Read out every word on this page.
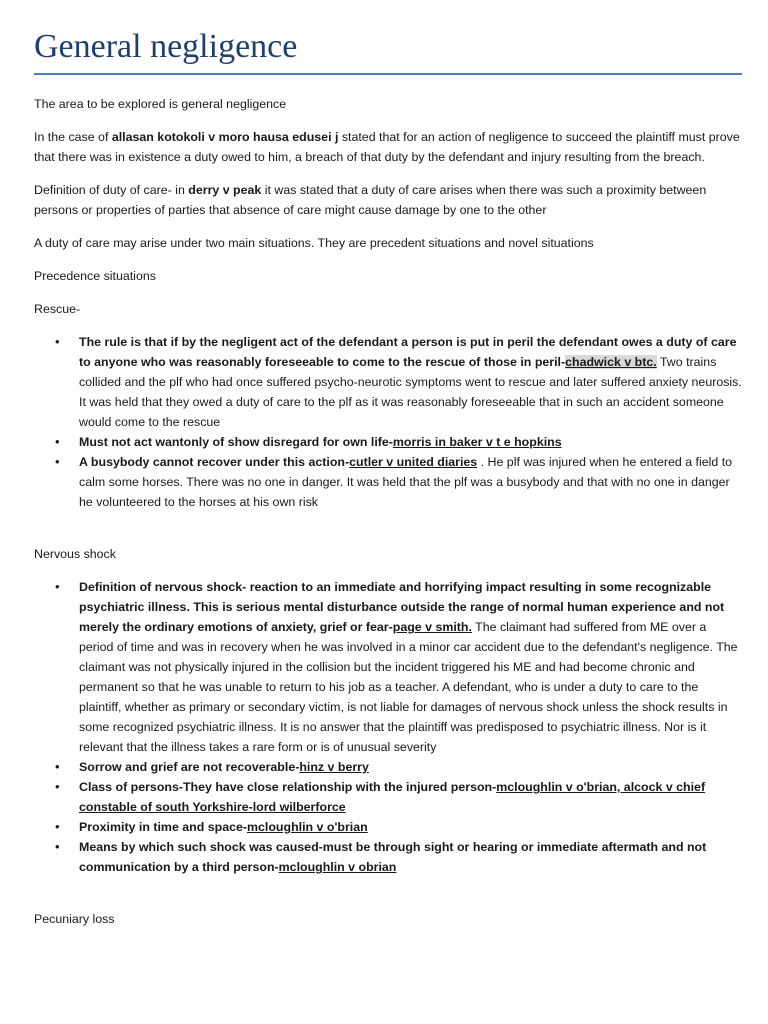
General negligence

The area to be explored is general negligence

In the case of allasan kotokoli v moro hausa edusei j stated that for an action of negligence to succeed the plaintiff must prove that there was in existence a duty owed to him, a breach of that duty by the defendant and injury resulting from the breach.

Definition of duty of care- in derry v peak it was stated that a duty of care arises when there was such a proximity between persons or properties of parties that absence of care might cause damage by one to the other

A duty of care may arise under two main situations. They are precedent situations and novel situations

Precedence situations

Rescue-

• The rule is that if by the negligent act of the defendant a person is put in peril the defendant owes a duty of care to anyone who was reasonably foreseeable to come to the rescue of those in peril-chadwick v btc. Two trains collided and the plf who had once suffered psycho-neurotic symptoms went to rescue and later suffered anxiety neurosis. It was held that they owed a duty of care to the plf as it was reasonably foreseeable that in such an accident someone would come to the rescue
• Must not act wantonly of show disregard for own life-morris in baker v t e hopkins
• A busybody cannot recover under this action-cutler v united diaries . He plf was injured when he entered a field to calm some horses. There was no one in danger. It was held that the plf was a busybody and that with no one in danger he volunteered to the horses at his own risk

Nervous shock

• Definition of nervous shock- reaction to an immediate and horrifying impact resulting in some recognizable psychiatric illness. This is serious mental disturbance outside the range of normal human experience and not merely the ordinary emotions of anxiety, grief or fear-page v smith. The claimant had suffered from ME over a period of time and was in recovery when he was involved in a minor car accident due to the defendant's negligence. The claimant was not physically injured in the collision but the incident triggered his ME and had become chronic and permanent so that he was unable to return to his job as a teacher. A defendant, who is under a duty to care to the plaintiff, whether as primary or secondary victim, is not liable for damages of nervous shock unless the shock results in some recognized psychiatric illness. It is no answer that the plaintiff was predisposed to psychiatric illness. Nor is it relevant that the illness takes a rare form or is of unusual severity
• Sorrow and grief are not recoverable-hinz v berry
• Class of persons-They have close relationship with the injured person-mcloughlin v o'brian, alcock v chief constable of south Yorkshire-lord wilberforce
• Proximity in time and space-mcloughlin v o'brian
• Means by which such shock was caused-must be through sight or hearing or immediate aftermath and not communication by a third person-mcloughlin v obrian

Pecuniary loss
